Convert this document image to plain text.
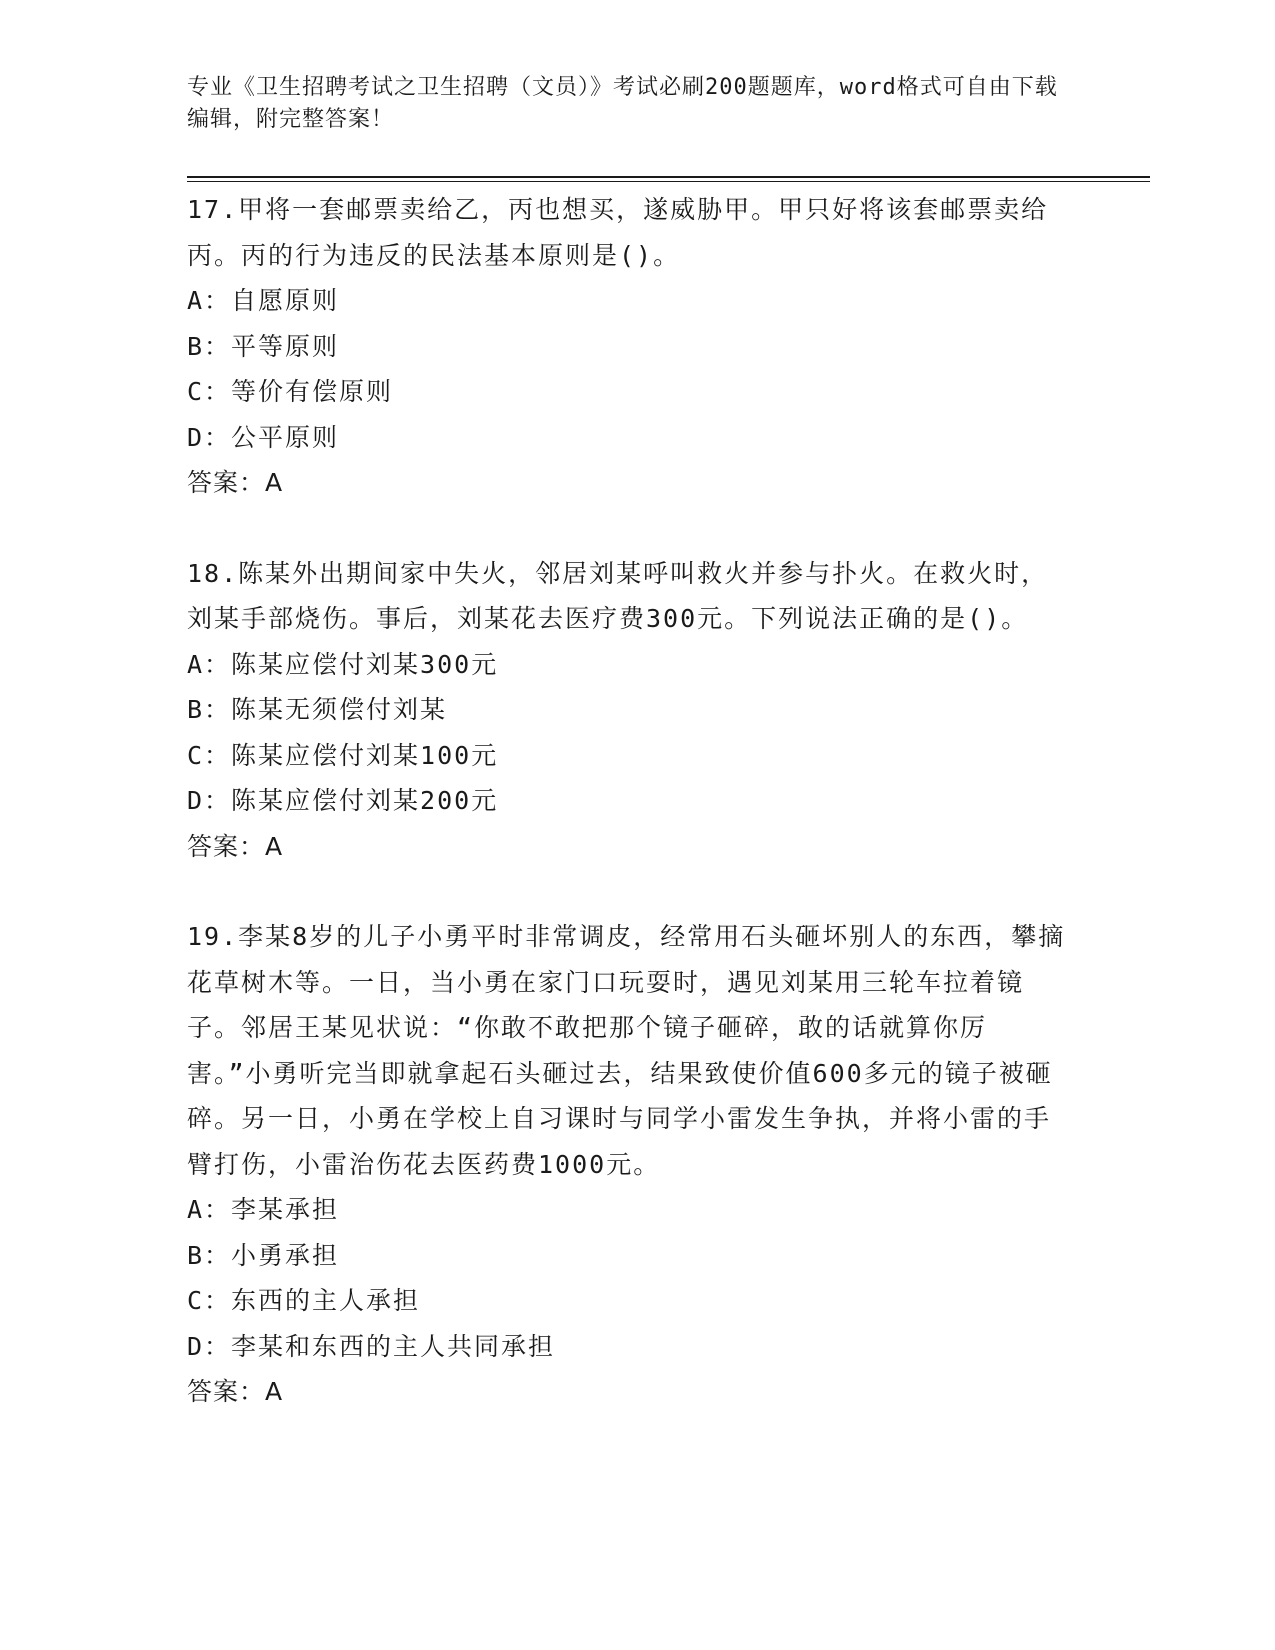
专业《卫生招聘考试之卫生招聘（文员）》考试必刷200题题库，word格式可自由下载编辑，附完整答案！

17.甲将一套邮票卖给乙，丙也想买，遂威胁甲。甲只好将该套邮票卖给丙。丙的行为违反的民法基本原则是()。

A：自愿原则

B：平等原则

C：等价有偿原则

D：公平原则

答案：A

18.陈某外出期间家中失火，邻居刘某呼叫救火并参与扑火。在救火时，刘某手部烧伤。事后，刘某花去医疗费300元。下列说法正确的是()。

A：陈某应偿付刘某300元

B：陈某无须偿付刘某

C：陈某应偿付刘某100元

D：陈某应偿付刘某200元

答案：A

19.李某8岁的儿子小勇平时非常调皮，经常用石头砸坏别人的东西，攀摘花草树木等。一日，当小勇在家门口玩耍时，遇见刘某用三轮车拉着镜子。邻居王某见状说：“你敢不敢把那个镜子砸碎，敢的话就算你厉害。”小勇听完当即就拿起石头砸过去，结果致使价值600多元的镜子被砸碎。另一日，小勇在学校上自习课时与同学小雷发生争执，并将小雷的手臂打伤，小雷治伤花去医药费1000元。

A：李某承担

B：小勇承担

C：东西的主人承担

D：李某和东西的主人共同承担

答案：A
